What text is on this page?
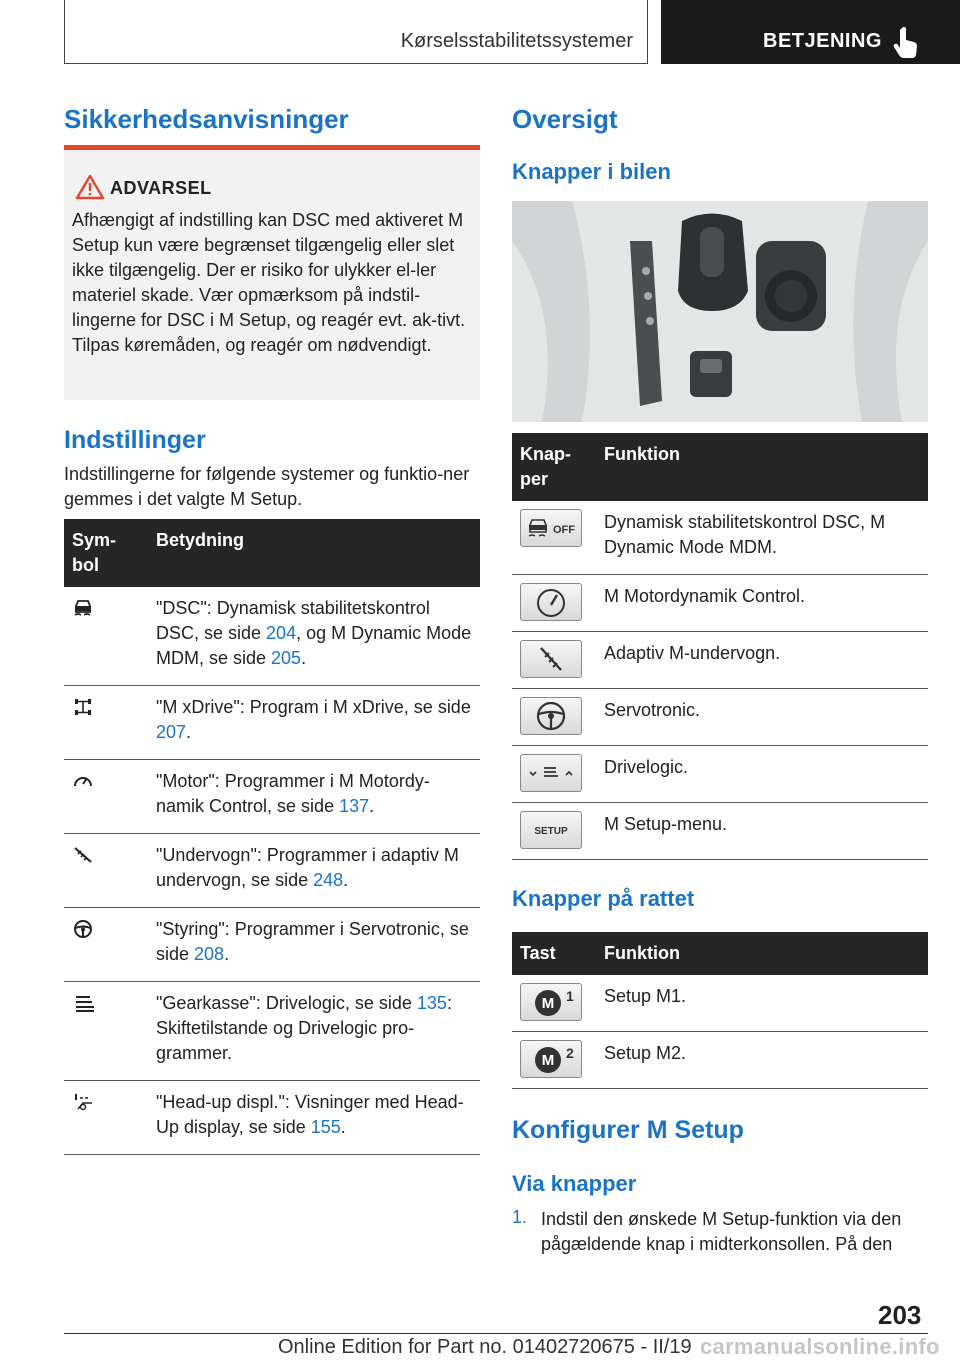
Kørselsstabilitetssystemer	BETJENING
Sikkerhedsanvisninger
ADVARSEL
Afhængigt af indstilling kan DSC med aktiveret M Setup kun være begrænset tilgængelig eller slet ikke tilgængelig. Der er risiko for ulykker el-ler materiel skade. Vær opmærksom på indstil-lingerne for DSC i M Setup, og reagér evt. ak-tivt. Tilpas køremåden, og reagér om nødvendigt.
Indstillinger
Indstillingerne for følgende systemer og funktio-ner gemmes i det valgte M Setup.
Sym-bol	Betydning

	"DSC": Dynamisk stabilitetskontrol DSC, se side 204, og M Dynamic Mode MDM, se side 205.

	"M xDrive": Program i M xDrive, se side 207.

	"Motor": Programmer i M Motordy-namik Control, se side 137.

	"Undervogn": Programmer i adaptiv M undervogn, se side 248.

	"Styring": Programmer i Servotronic, se side 208.

	"Gearkasse": Drivelogic, se side 135: Skiftetilstande og Drivelogic pro-grammer.

	"Head-up displ.": Visninger med Head-Up display, se side 155.
Oversigt
Knapper i bilen
Knap-per	Funktion

OFF	Dynamisk stabilitetskontrol DSC, M Dynamic Mode MDM.

	M Motordynamik Control.

	Adaptiv M-undervogn.

	Servotronic.

	Drivelogic.

SETUP	M Setup-menu.
Knapper på rattet
Tast	Funktion

M 1	Setup M1.

M 2	Setup M2.
Konfigurer M Setup
Via knapper
1. Indstil den ønskede M Setup-funktion via den pågældende knap i midterkonsollen. På den
203
Online Edition for Part no. 01402720675 - II/19 carmanualsonline.info
